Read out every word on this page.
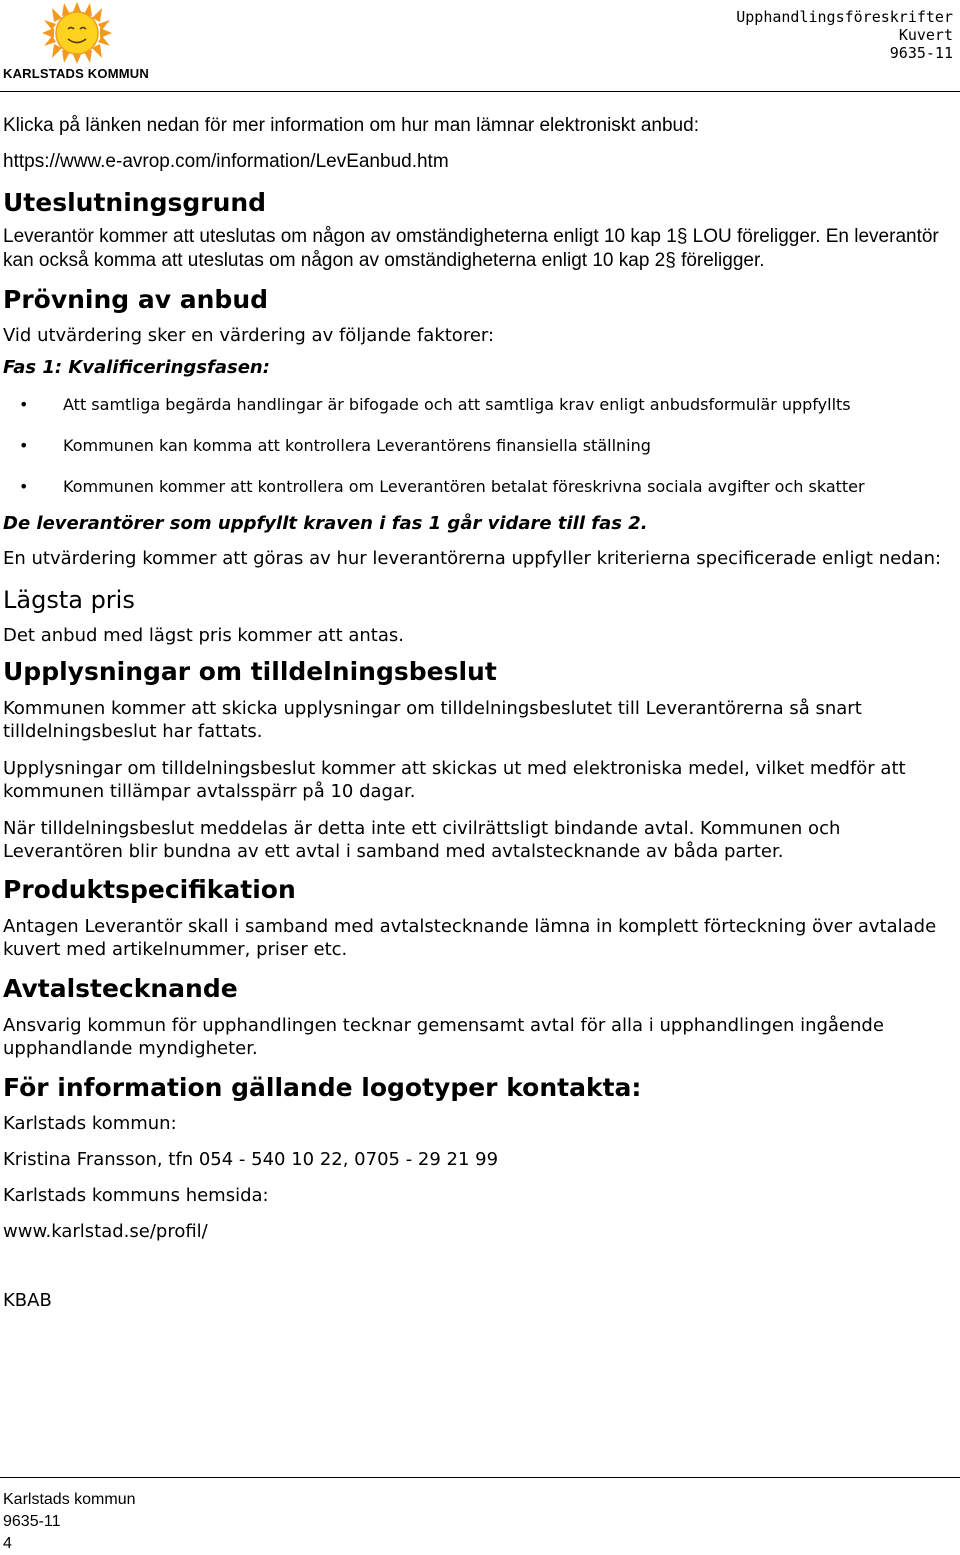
KARLSTADS KOMMUN
Upphandlingsföreskrifter
Kuvert
9635-11
Klicka på länken nedan för mer information om hur man lämnar elektroniskt anbud:
https://www.e-avrop.com/information/LevEanbud.htm
Uteslutningsgrund
Leverantör kommer att uteslutas om någon av omständigheterna enligt 10 kap 1§ LOU föreligger. En leverantör kan också komma att uteslutas om någon av omständigheterna enligt 10 kap 2§ föreligger.
Prövning av anbud

Vid utvärdering sker en värdering av följande faktorer:

Fas 1: Kvalificeringsfasen:
• Att samtliga begärda handlingar är bifogade och att samtliga krav enligt anbudsformulär uppfyllts
• Kommunen kan komma att kontrollera Leverantörens finansiella ställning
• Kommunen kommer att kontrollera om Leverantören betalat föreskrivna sociala avgifter och skatter
De leverantörer som uppfyllt kraven i fas 1 går vidare till fas 2.

En utvärdering kommer att göras av hur leverantörerna uppfyller kriterierna specificerade enligt nedan:

Lägsta pris

Det anbud med lägst pris kommer att antas.

Upplysningar om tilldelningsbeslut

Kommunen kommer att skicka upplysningar om tilldelningsbeslutet till Leverantörerna så snart tilldelningsbeslut har fattats.

Upplysningar om tilldelningsbeslut kommer att skickas ut med elektroniska medel, vilket medför att kommunen tillämpar avtalsspärr på 10 dagar.

När tilldelningsbeslut meddelas är detta inte ett civilrättsligt bindande avtal. Kommunen och Leverantören blir bundna av ett avtal i samband med avtalstecknande av båda parter.

Produktspecifikation

Antagen Leverantör skall i samband med avtalstecknande lämna in komplett förteckning över avtalade kuvert med artikelnummer, priser etc.

Avtalstecknande

Ansvarig kommun för upphandlingen tecknar gemensamt avtal för alla i upphandlingen ingående upphandlande myndigheter.

För information gällande logotyper kontakta:

Karlstads kommun:

Kristina Fransson, tfn 054 - 540 10 22, 0705 - 29 21 99

Karlstads kommuns hemsida:

www.karlstad.se/profil/

KBAB

Karlstads kommun
9635-11
4
